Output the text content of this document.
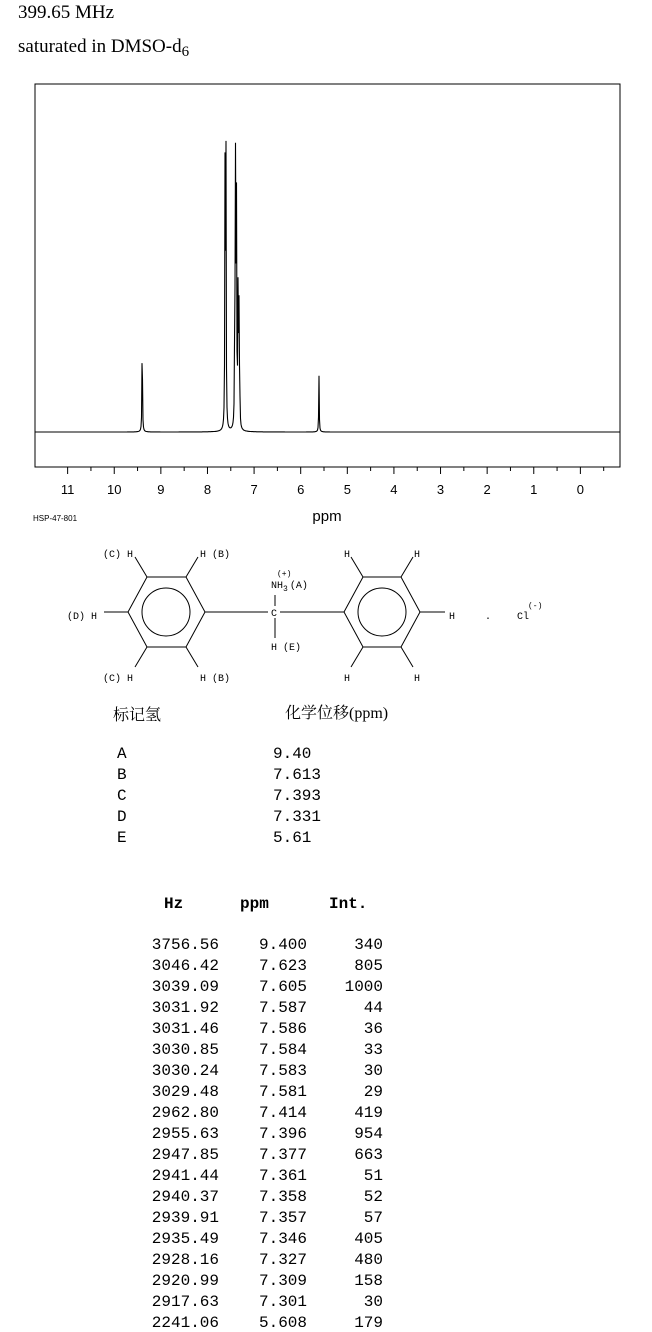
399.65 MHz
saturated in DMSO-$d_6$
11	10	9	8	7	6	5	4	3	2	1	0
ppm
HSP-47-801
(C) H	H (B)
(D) H
(C) H	H (B)
(+)
$NH_3$ (A)
C
H (E)
H	H
H
H	H
.	Cl
(-)
标记氢	化学位移(ppm)
A	9.40
B	7.613
C	7.393
D	7.331
E	5.61
Hz	ppm	Int.
3756.56	9.400	340
3046.42	7.623	805
3039.09	7.605	1000
3031.92	7.587	44
3031.46	7.586	36
3030.85	7.584	33
3030.24	7.583	30
3029.48	7.581	29
2962.80	7.414	419
2955.63	7.396	954
2947.85	7.377	663
2941.44	7.361	51
2940.37	7.358	52
2939.91	7.357	57
2935.49	7.346	405
2928.16	7.327	480
2920.99	7.309	158
2917.63	7.301	30
2241.06	5.608	179
